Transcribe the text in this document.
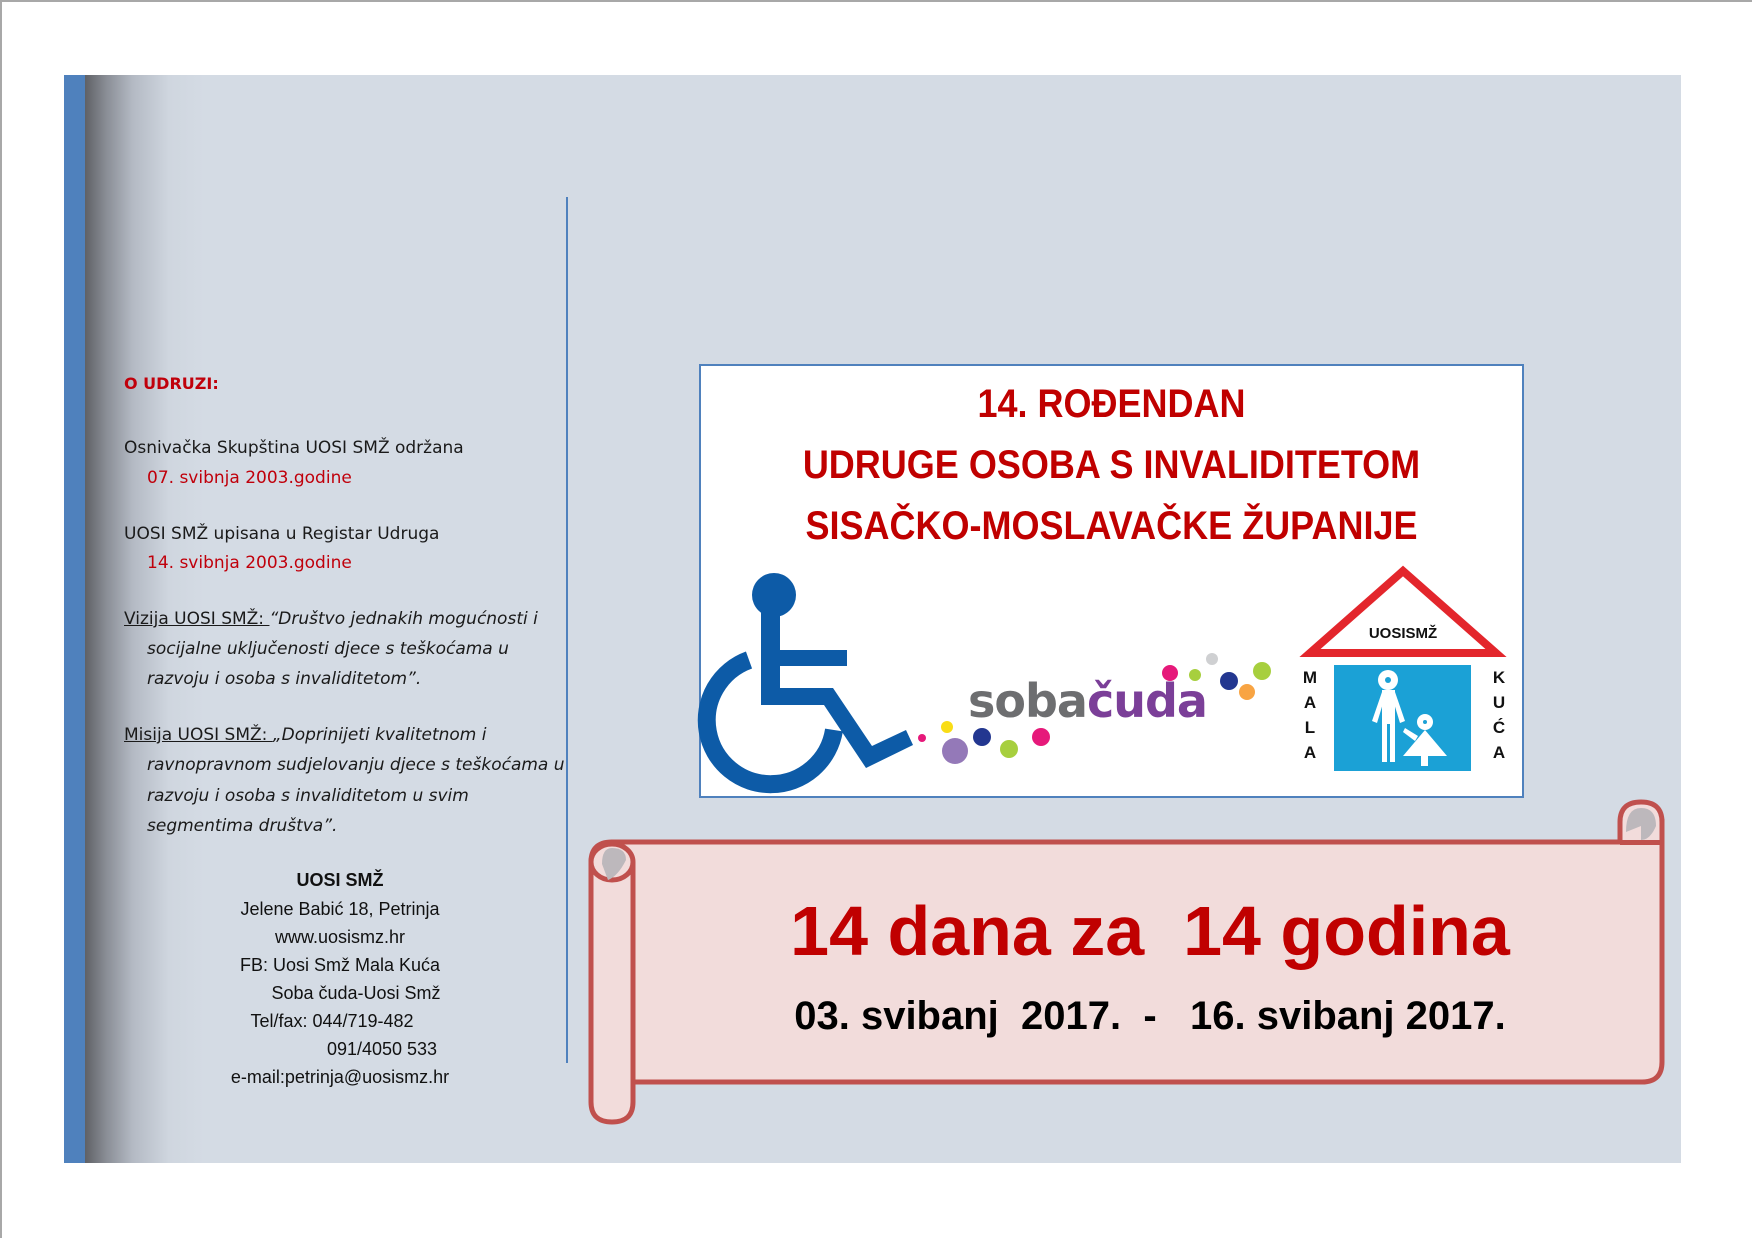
O UDRUZI:
Osnivačka Skupština UOSI SMŽ održana
07. svibnja 2003.godine
UOSI SMŽ upisana u Registar Udruga
14. svibnja 2003.godine
Vizija UOSI SMŽ: “Društvo jednakih mogućnosti i
socijalne uključenosti djece s teškoćama u
razvoju i osoba s invaliditetom”.
Misija UOSI SMŽ: „Doprinijeti kvalitetnom i
ravnopravnom sudjelovanju djece s teškoćama u
razvoju i osoba s invaliditetom u svim
segmentima društva”.
UOSI SMŽ
Jelene Babić 18, Petrinja
www.uosismz.hr
FB: Uosi Smž Mala Kuća
Soba čuda-Uosi Smž
Tel/fax: 044/719-482
091/4050 533
e-mail:petrinja@uosismz.hr
14. ROĐENDAN
UDRUGE OSOBA S INVALIDITETOM
SISAČKO-MOSLAVAČKE ŽUPANIJE
sobačuda
UOSISMŽ
M
A
L
A
K
U
Ć
A
14 dana za  14 godina
03. svibanj  2017.  -   16. svibanj 2017.
